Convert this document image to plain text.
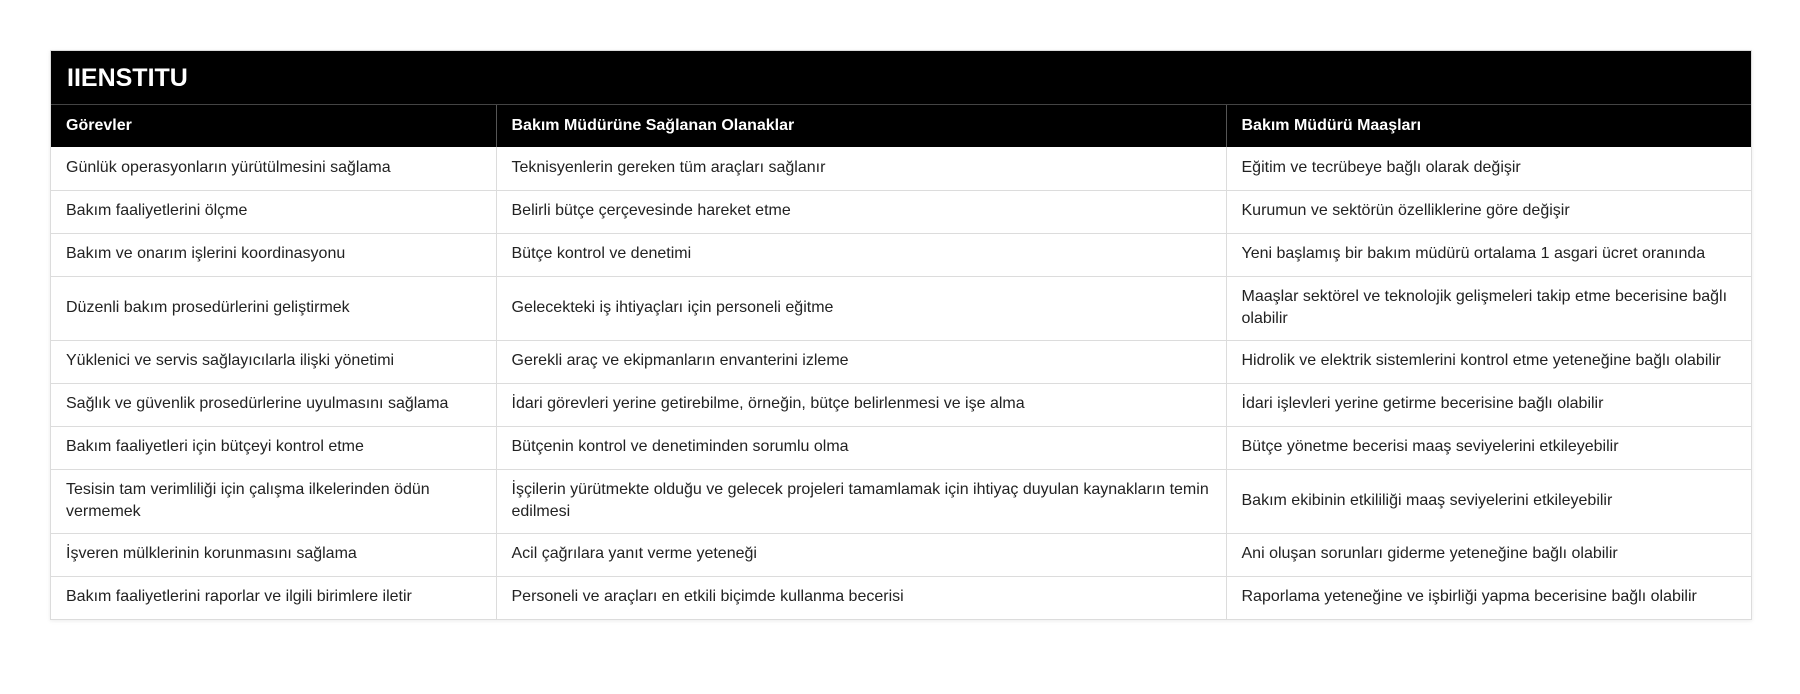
IIENSTITU
Görevler	Bakım Müdürüne Sağlanan Olanaklar	Bakım Müdürü Maaşları
Günlük operasyonların yürütülmesini sağlama	Teknisyenlerin gereken tüm araçları sağlanır	Eğitim ve tecrübeye bağlı olarak değişir
Bakım faaliyetlerini ölçme	Belirli bütçe çerçevesinde hareket etme	Kurumun ve sektörün özelliklerine göre değişir
Bakım ve onarım işlerini koordinasyonu	Bütçe kontrol ve denetimi	Yeni başlamış bir bakım müdürü ortalama 1 asgari ücret oranında
Düzenli bakım prosedürlerini geliştirmek	Gelecekteki iş ihtiyaçları için personeli eğitme	Maaşlar sektörel ve teknolojik gelişmeleri takip etme becerisine bağlı olabilir
Yüklenici ve servis sağlayıcılarla ilişki yönetimi	Gerekli araç ve ekipmanların envanterini izleme	Hidrolik ve elektrik sistemlerini kontrol etme yeteneğine bağlı olabilir
Sağlık ve güvenlik prosedürlerine uyulmasını sağlama	İdari görevleri yerine getirebilme, örneğin, bütçe belirlenmesi ve işe alma	İdari işlevleri yerine getirme becerisine bağlı olabilir
Bakım faaliyetleri için bütçeyi kontrol etme	Bütçenin kontrol ve denetiminden sorumlu olma	Bütçe yönetme becerisi maaş seviyelerini etkileyebilir
Tesisin tam verimliliği için çalışma ilkelerinden ödün vermemek	İşçilerin yürütmekte olduğu ve gelecek projeleri tamamlamak için ihtiyaç duyulan kaynakların temin edilmesi	Bakım ekibinin etkililiği maaş seviyelerini etkileyebilir
İşveren mülklerinin korunmasını sağlama	Acil çağrılara yanıt verme yeteneği	Ani oluşan sorunları giderme yeteneğine bağlı olabilir
Bakım faaliyetlerini raporlar ve ilgili birimlere iletir	Personeli ve araçları en etkili biçimde kullanma becerisi	Raporlama yeteneğine ve işbirliği yapma becerisine bağlı olabilir
